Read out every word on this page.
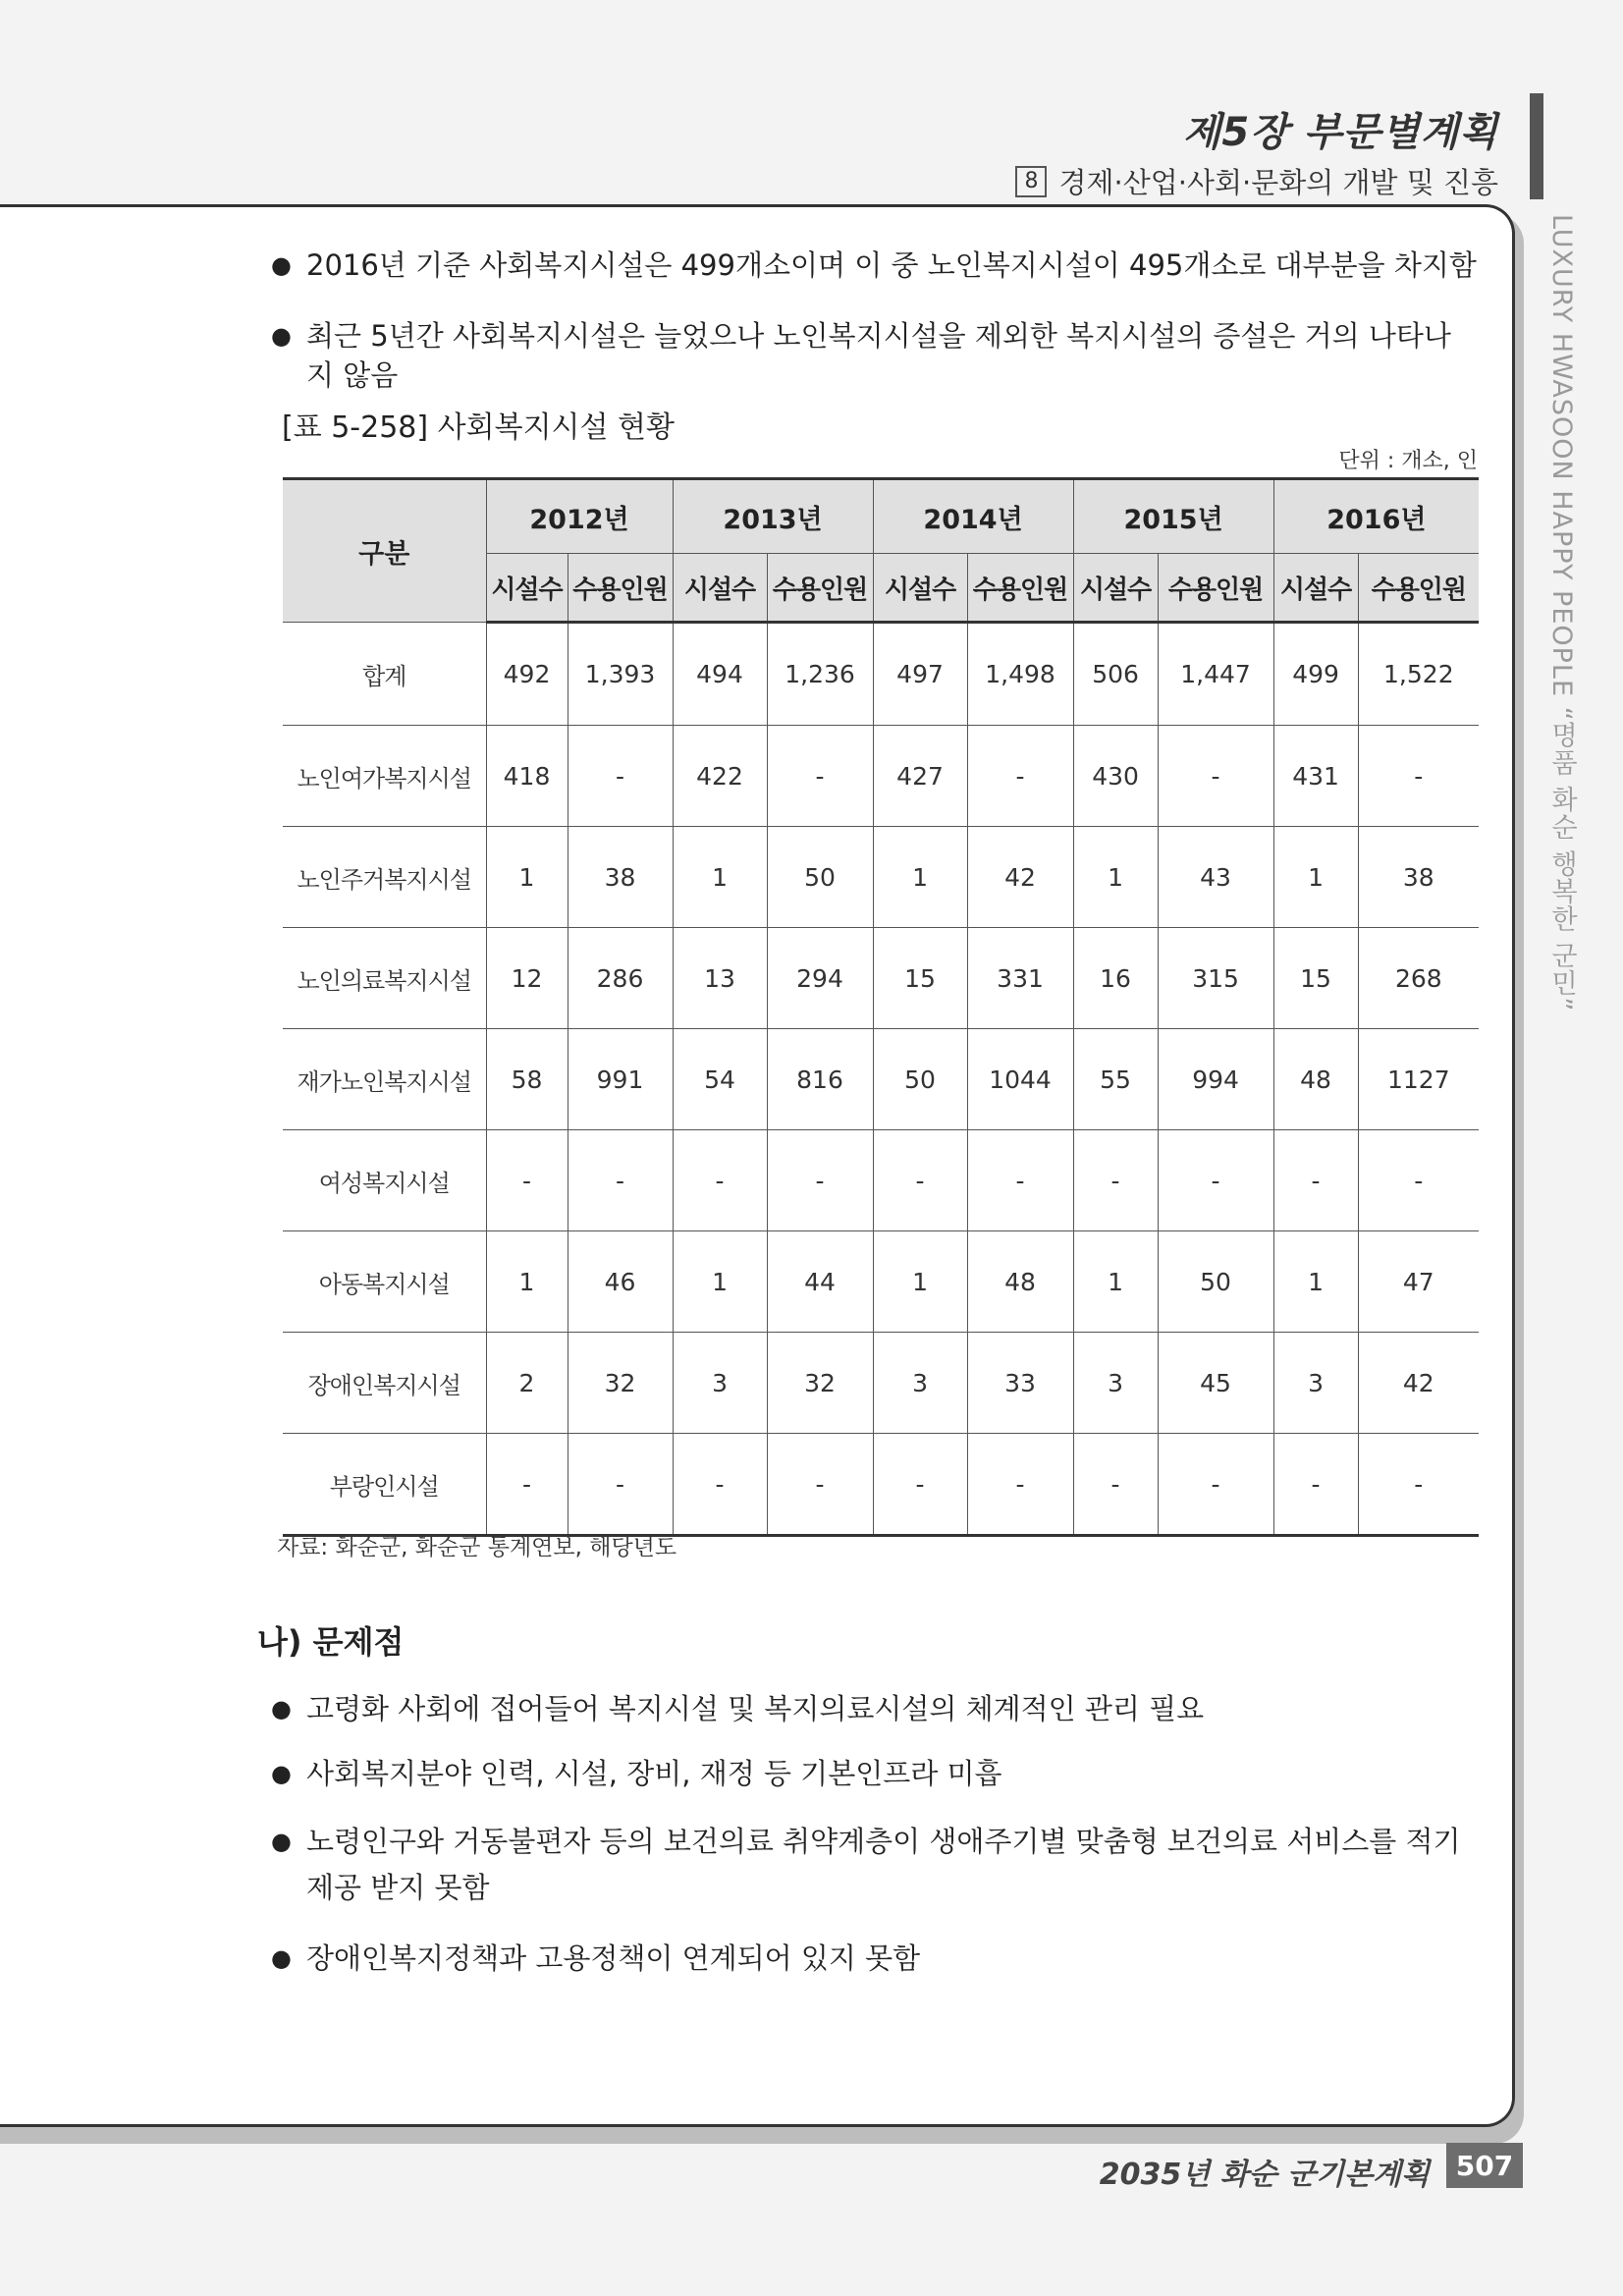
제5장 부문별계획
8 경제·산업·사회·문화의 개발 및 진흥
LUXURY HWASOON HAPPY PEOPLE “명품 화순 행복한 군민”
● 2016년 기준 사회복지시설은 499개소이며 이 중 노인복지시설이 495개소로 대부분을 차지함
● 최근 5년간 사회복지시설은 늘었으나 노인복지시설을 제외한 복지시설의 증설은 거의 나타나지 않음
[표 5-258] 사회복지시설 현황
단위 : 개소, 인
구분	2012년		2013년		2014년		2015년		2016년	
	시설수	수용인원	시설수	수용인원	시설수	수용인원	시설수	수용인원	시설수	수용인원
합계	492	1,393	494	1,236	497	1,498	506	1,447	499	1,522
노인여가복지시설	418	-	422	-	427	-	430	-	431	-
노인주거복지시설	1	38	1	50	1	42	1	43	1	38
노인의료복지시설	12	286	13	294	15	331	16	315	15	268
재가노인복지시설	58	991	54	816	50	1044	55	994	48	1127
여성복지시설	-	-	-	-	-	-	-	-	-	-
아동복지시설	1	46	1	44	1	48	1	50	1	47
장애인복지시설	2	32	3	32	3	33	3	45	3	42
부랑인시설	-	-	-	-	-	-	-	-	-	-
자료: 화순군, 화순군 통계연보, 해당년도
나) 문제점
● 고령화 사회에 접어들어 복지시설 및 복지의료시설의 체계적인 관리 필요
● 사회복지분야 인력, 시설, 장비, 재정 등 기본인프라 미흡
● 노령인구와 거동불편자 등의 보건의료 취약계층이 생애주기별 맞춤형 보건의료 서비스를 적기 제공 받지 못함
● 장애인복지정책과 고용정책이 연계되어 있지 못함
2035년 화순 군기본계획 507
